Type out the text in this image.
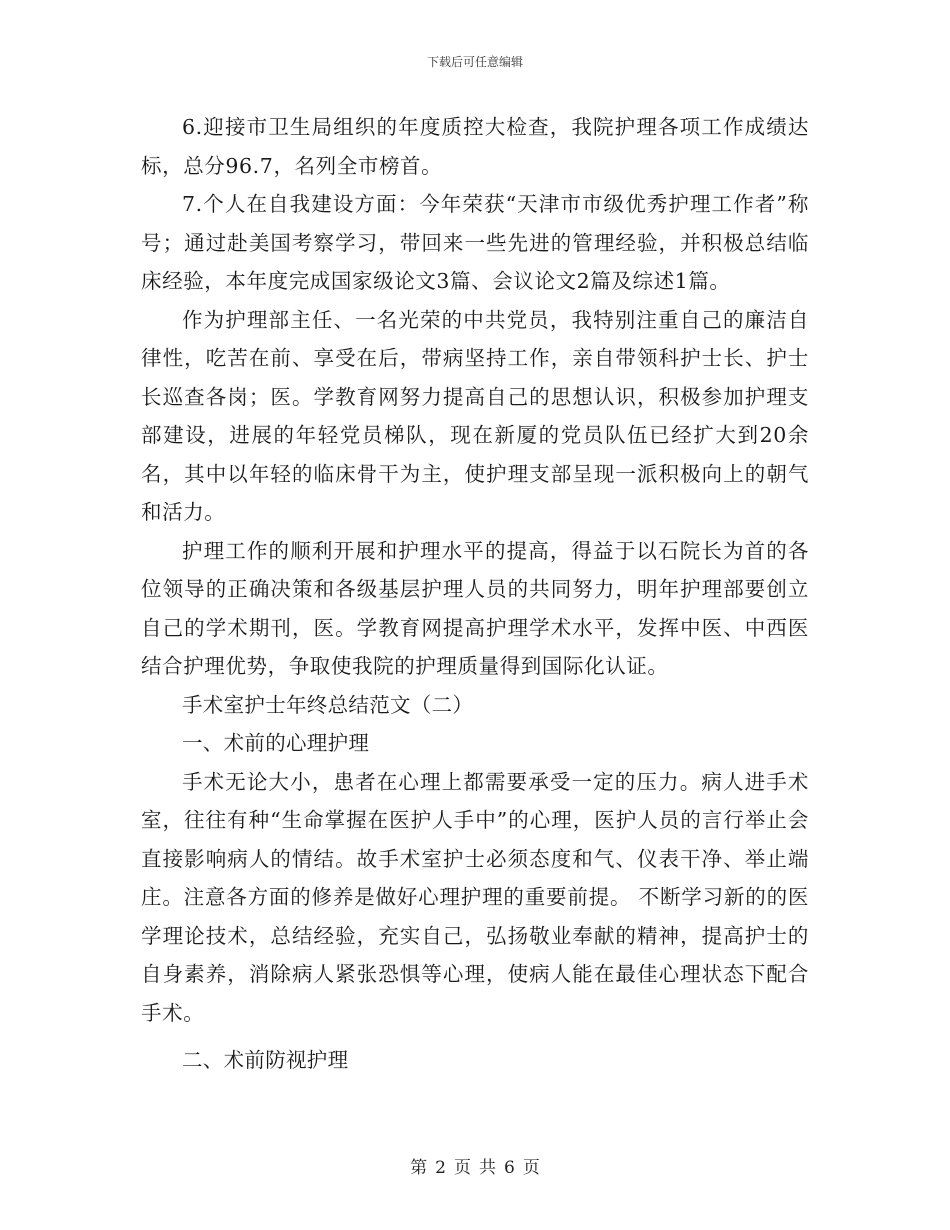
下载后可任意编辑

6.迎接市卫生局组织的年度质控大检查，我院护理各项工作成绩达标，总分96.7，名列全市榜首。

7.个人在自我建设方面：今年荣获“天津市市级优秀护理工作者”称号；通过赴美国考察学习，带回来一些先进的管理经验，并积极总结临床经验，本年度完成国家级论文3篇、会议论文2篇及综述1篇。

作为护理部主任、一名光荣的中共党员，我特别注重自己的廉洁自律性，吃苦在前、享受在后，带病坚持工作，亲自带领科护士长、护士长巡查各岗；医。学教育网努力提高自己的思想认识，积极参加护理支部建设，进展的年轻党员梯队，现在新厦的党员队伍已经扩大到20余名，其中以年轻的临床骨干为主，使护理支部呈现一派积极向上的朝气和活力。

护理工作的顺利开展和护理水平的提高，得益于以石院长为首的各位领导的正确决策和各级基层护理人员的共同努力，明年护理部要创立自己的学术期刊，医。学教育网提高护理学术水平，发挥中医、中西医结合护理优势，争取使我院的护理质量得到国际化认证。

手术室护士年终总结范文（二）

一、术前的心理护理

手术无论大小，患者在心理上都需要承受一定的压力。病人进手术室，往往有种“生命掌握在医护人手中”的心理，医护人员的言行举止会直接影响病人的情结。故手术室护士必须态度和气、仪表干净、举止端庄。注意各方面的修养是做好心理护理的重要前提。 不断学习新的的医学理论技术，总结经验，充实自己，弘扬敬业奉献的精神，提高护士的自身素养，消除病人紧张恐惧等心理，使病人能在最佳心理状态下配合手术。

二、术前防视护理

第 2 页 共 6 页
